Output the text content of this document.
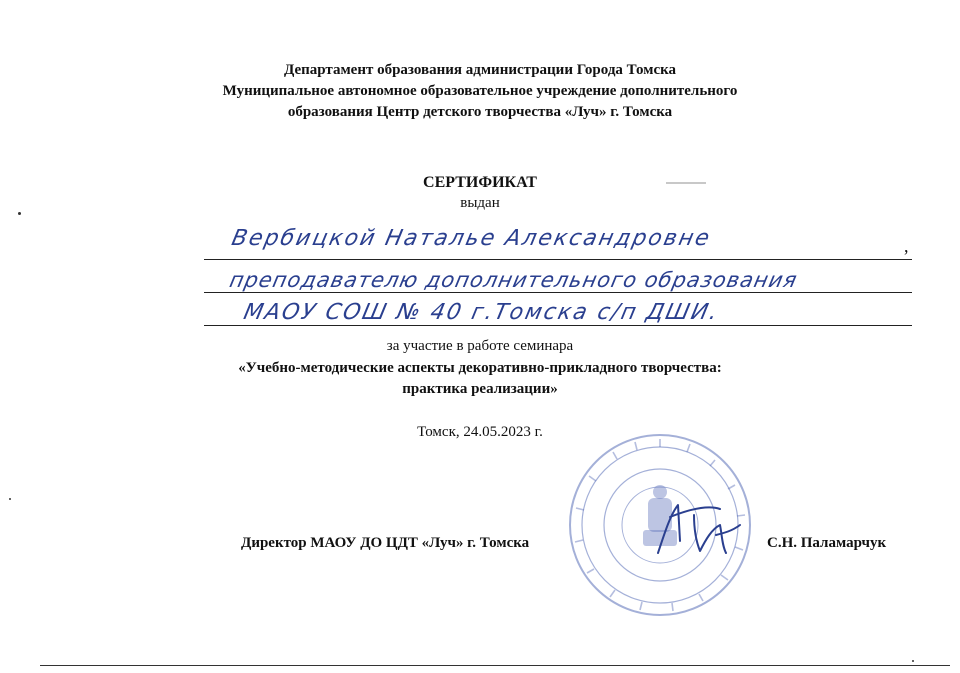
Департамент образования администрации Города Томска
Муниципальное автономное образовательное учреждение дополнительного
образования Центр детского творчества «Луч» г. Томска
СЕРТИФИКАТ
выдан
Вербицкой Наталье Александровне	,
преподавателю дополнительного образования
МАОУ СОШ № 40 г.Томска с/п ДШИ.
за участие в работе семинара
«Учебно-методические аспекты декоративно-прикладного творчества:
практика реализации»
Томск, 24.05.2023 г.
Директор МАОУ ДО ЦДТ «Луч» г. Томска	С.Н. Паламарчук
